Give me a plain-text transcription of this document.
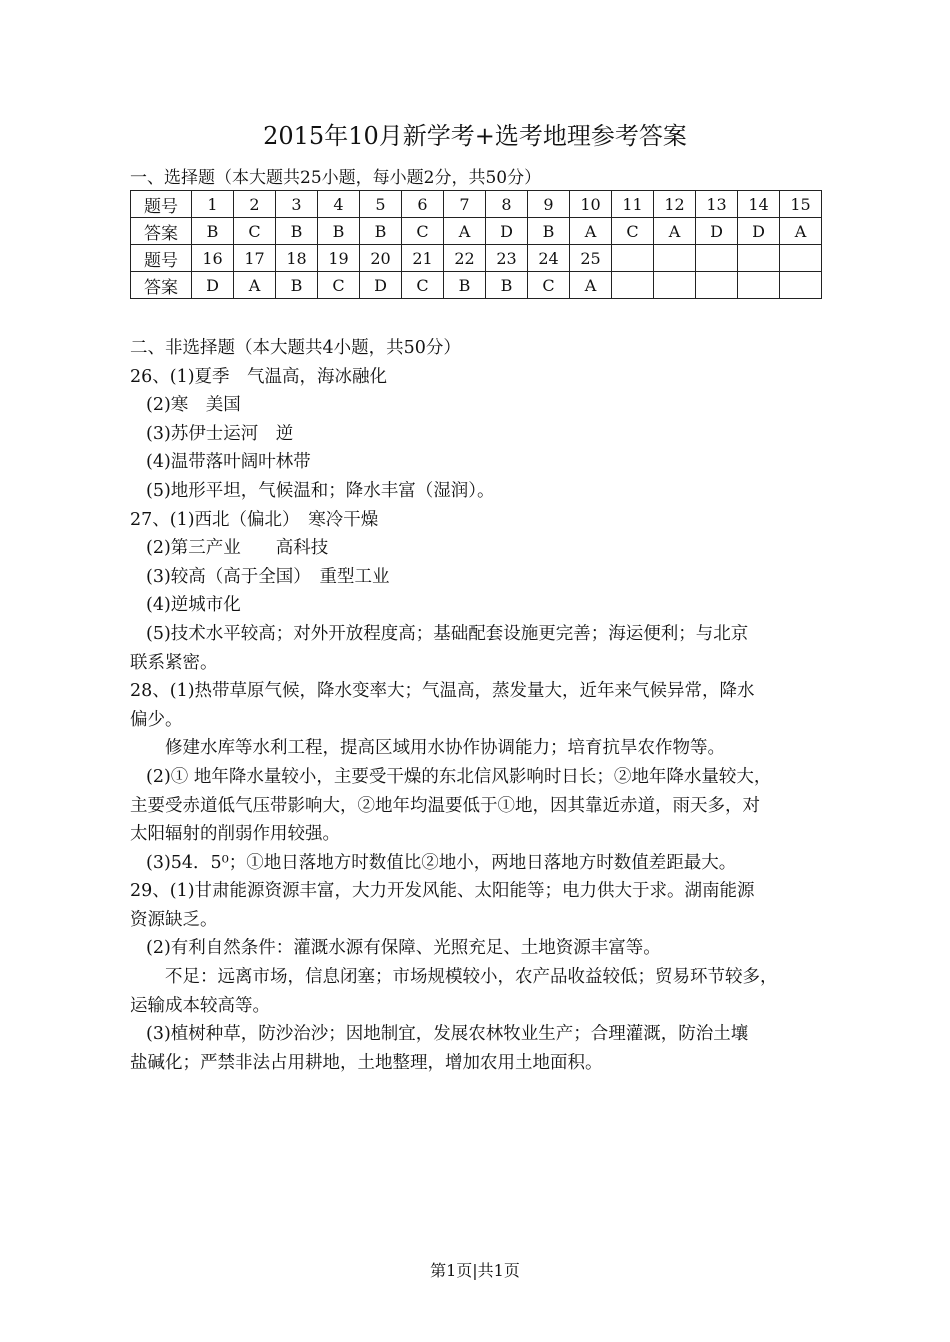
2015年10月新学考+选考地理参考答案
一、选择题（本大题共25小题，每小题2分，共50分）
题号	1	2	3	4	5	6	7	8	9	10	11	12	13	14	15
答案	B	C	B	B	B	C	A	D	B	A	C	A	D	D	A
题号	16	17	18	19	20	21	22	23	24	25					
答案	D	A	B	C	D	C	B	B	C	A					
二、非选择题（本大题共4小题，共50分）
26、(1)夏季　气温高，海冰融化
(2)寒　美国
(3)苏伊士运河　逆
(4)温带落叶阔叶林带
(5)地形平坦，气候温和；降水丰富（湿润）。
27、(1)西北（偏北）　寒冷干燥
(2)第三产业　　高科技
(3)较高（高于全国）　重型工业
(4)逆城市化
(5)技术水平较高；对外开放程度高；基础配套设施更完善；海运便利；与北京
联系紧密。
28、(1)热带草原气候，降水变率大；气温高，蒸发量大，近年来气候异常，降水
偏少。
修建水库等水利工程，提高区域用水协作协调能力；培育抗旱农作物等。
(2)① 地年降水量较小，主要受干燥的东北信风影响时日长；②地年降水量较大，
主要受赤道低气压带影响大，②地年均温要低于①地，因其靠近赤道，雨天多，对
太阳辐射的削弱作用较强。
(3)54．5⁰；①地日落地方时数值比②地小，两地日落地方时数值差距最大。
29、(1)甘肃能源资源丰富，大力开发风能、太阳能等；电力供大于求。湖南能源
资源缺乏。
(2)有利自然条件：灌溉水源有保障、光照充足、土地资源丰富等。
不足：远离市场，信息闭塞；市场规模较小，农产品收益较低；贸易环节较多，
运输成本较高等。
(3)植树种草，防沙治沙；因地制宜，发展农林牧业生产；合理灌溉，防治土壤
盐碱化；严禁非法占用耕地，土地整理，增加农用土地面积。
第1页|共1页
